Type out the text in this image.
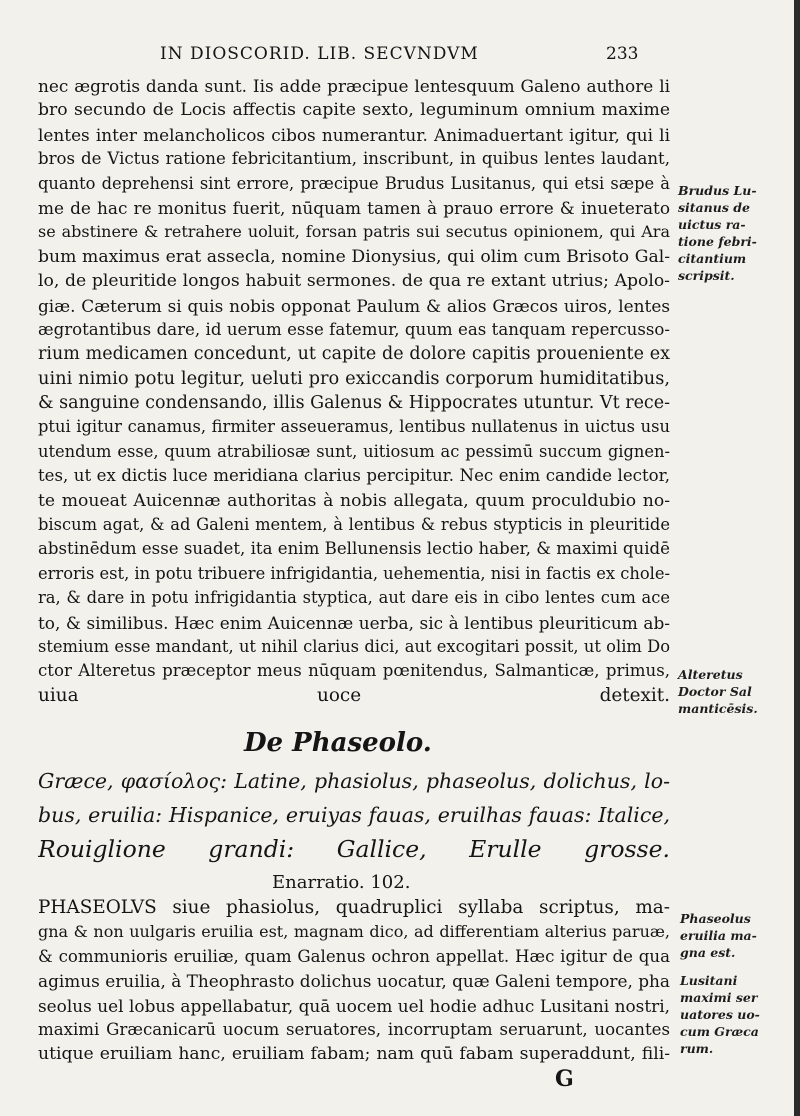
IN DIOSCORID. LIB. SECVNDVM	233
nec ægrotis danda sunt. Iis adde præcipue lentesquum Galeno authore li
bro secundo de Locis affectis capite sexto, leguminum omnium maxime
lentes inter melancholicos cibos numerantur. Animaduertant igitur, qui li
bros de Victus ratione febricitantium, inscribunt, in quibus lentes laudant,
quanto deprehensi sint errore, præcipue Brudus Lusitanus, qui etsi sæpe à
me de hac re monitus fuerit, nūquam tamen à prauo errore & inueterato
se abstinere & retrahere uoluit, forsan patris sui secutus opinionem, qui Ara
bum maximus erat assecla, nomine Dionysius, qui olim cum Brisoto Gal-
lo, de pleuritide longos habuit sermones. de qua re extant utrius; Apolo-
giæ. Cæterum si quis nobis opponat Paulum & alios Græcos uiros, lentes
ægrotantibus dare, id uerum esse fatemur, quum eas tanquam repercusso-
rium medicamen concedunt, ut capite de dolore capitis prouenientе ex
uini nimio potu legitur, ueluti pro exiccandis corporum humiditatibus,
& sanguine condensando, illis Galenus & Hippocrates utuntur. Vt rece-
ptui igitur canamus, firmiter asseueramus, lentibus nullatenus in uictus usu
utendum esse, quum atrabiliosæ sunt, uitiosum ac pessimū succum gignen-
tes, ut ex dictis luce meridiana clarius percipitur. Nec enim candide lector,
te moueat Auicennæ authoritas à nobis allegata, quum proculdubio no-
biscum agat, & ad Galeni mentem, à lentibus & rebus stypticis in pleuritide
abstinēdum esse suadet, ita enim Bellunensis lectio haber, & maximi quidē
erroris est, in potu tribuere infrigidantia, uehementia, nisi in factis ex chole-
ra, & dare in potu infrigidantia styptica, aut dare eis in cibo lentes cum ace
to, & similibus. Hæc enim Auicennæ uerba, sic à lentibus pleuriticum ab-
stemium esse mandant, ut nihil clarius dici, aut excogitari possit, ut olim Do
ctor Alteretus præceptor meus nūquam pœnitendus, Salmanticæ, primus,
uiua uoce detexit.
De Phaseolo.
Græce, φασίολος: Latine, phasiolus, phaseolus, dolichus, lo-
bus, eruilia: Hispanice, eruiyas fauas, eruilhas fauas: Italice,
Rouiglione grandi: Gallice, Erulle grosse.
Enarratio. 102.
PHASEOLVS siue phasiolus, quadruplici syllaba scriptus, ma-
gna & non uulgaris eruilia est, magnam dico, ad differentiam alterius paruæ,
& communioris eruiliæ, quam Galenus ochron appellat. Hæc igitur de qua
agimus eruilia, à Theophrasto dolichus uocatur, quæ Galeni tempore, pha
seolus uel lobus appellabatur, quā uocem uel hodie adhuc Lusitani nostri,
maximi Græcanicarū uocum seruatores, incorruptam seruarunt, uocantes
utique eruiliam hanc, eruiliam fabam; nam quū fabam superaddunt, fili-
G
Brudus Lu-
sitanus de
uictus ra-
tione febri-
citantium
scripsit.
Alteretus
Doctor Sal
manticēsis.
Phaseolus
eruilia ma-
gna est.
Lusitani
maximi ser
uatores uo-
cum Græca
rum.
